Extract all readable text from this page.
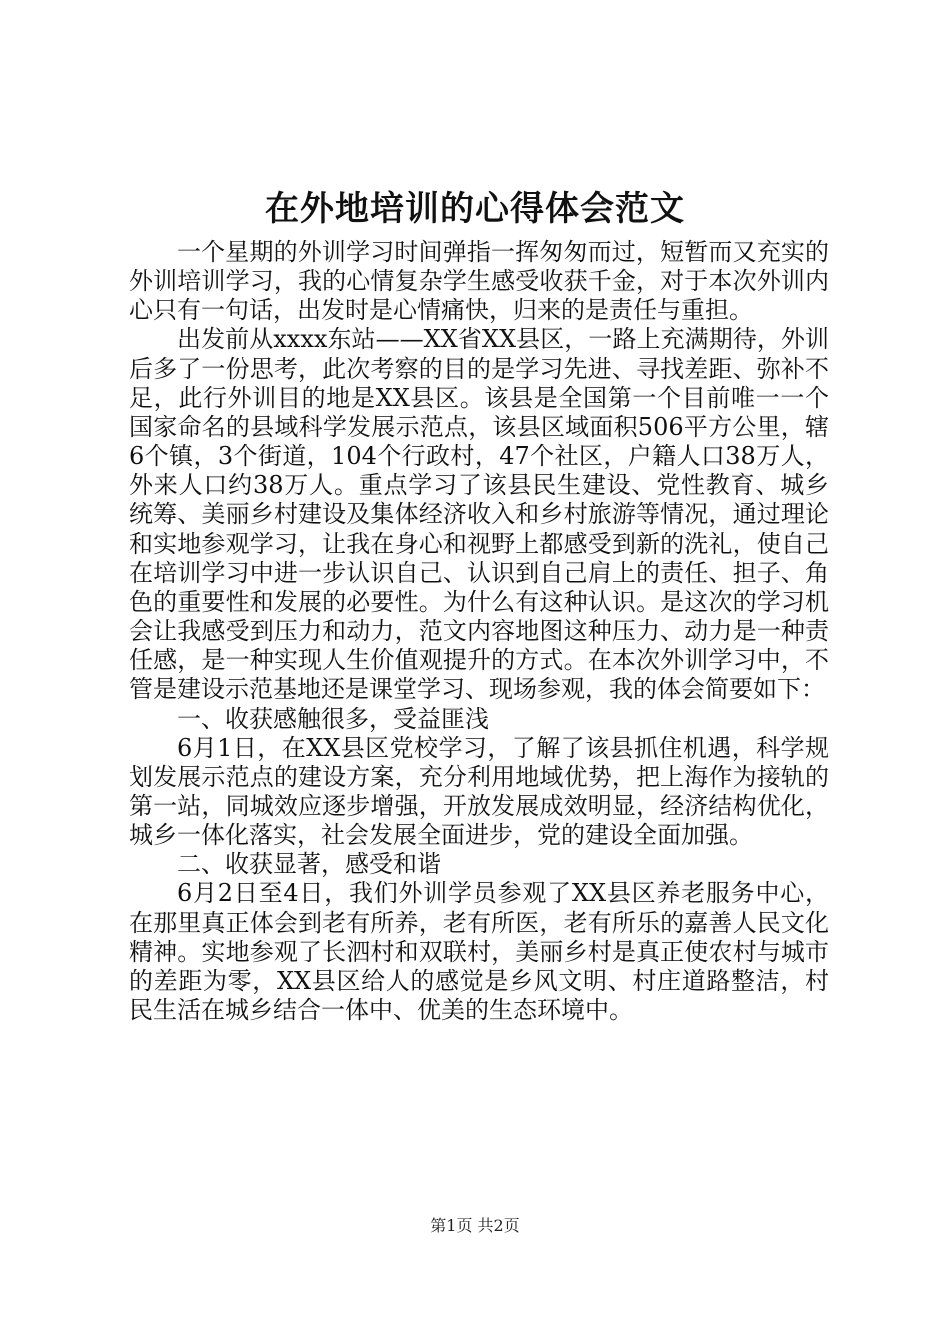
在外地培训的心得体会范文

一个星期的外训学习时间弹指一挥匆匆而过，短暂而又充实的外训培训学习，我的心情复杂学生感受收获千金，对于本次外训内心只有一句话，出发时是心情痛快，归来的是责任与重担。

出发前从xxxx东站——XX省XX县区，一路上充满期待，外训后多了一份思考，此次考察的目的是学习先进、寻找差距、弥补不足，此行外训目的地是XX县区。该县是全国第一个目前唯一一个国家命名的县域科学发展示范点，该县区域面积506平方公里，辖6个镇，3个街道，104个行政村，47个社区，户籍人口38万人，外来人口约38万人。重点学习了该县民生建设、党性教育、城乡统筹、美丽乡村建设及集体经济收入和乡村旅游等情况，通过理论和实地参观学习，让我在身心和视野上都感受到新的洗礼，使自己在培训学习中进一步认识自己、认识到自己肩上的责任、担子、角色的重要性和发展的必要性。为什么有这种认识。是这次的学习机会让我感受到压力和动力，范文内容地图这种压力、动力是一种责任感，是一种实现人生价值观提升的方式。在本次外训学习中，不管是建设示范基地还是课堂学习、现场参观，我的体会简要如下：

一、收获感触很多，受益匪浅

6月1日，在XX县区党校学习，了解了该县抓住机遇，科学规划发展示范点的建设方案，充分利用地域优势，把上海作为接轨的第一站，同城效应逐步增强，开放发展成效明显，经济结构优化，城乡一体化落实，社会发展全面进步，党的建设全面加强。

二、收获显著，感受和谐

6月2日至4日，我们外训学员参观了XX县区养老服务中心，在那里真正体会到老有所养，老有所医，老有所乐的嘉善人民文化精神。实地参观了长泗村和双联村，美丽乡村是真正使农村与城市的差距为零，XX县区给人的感觉是乡风文明、村庄道路整洁，村民生活在城乡结合一体中、优美的生态环境中。

第1页 共2页
